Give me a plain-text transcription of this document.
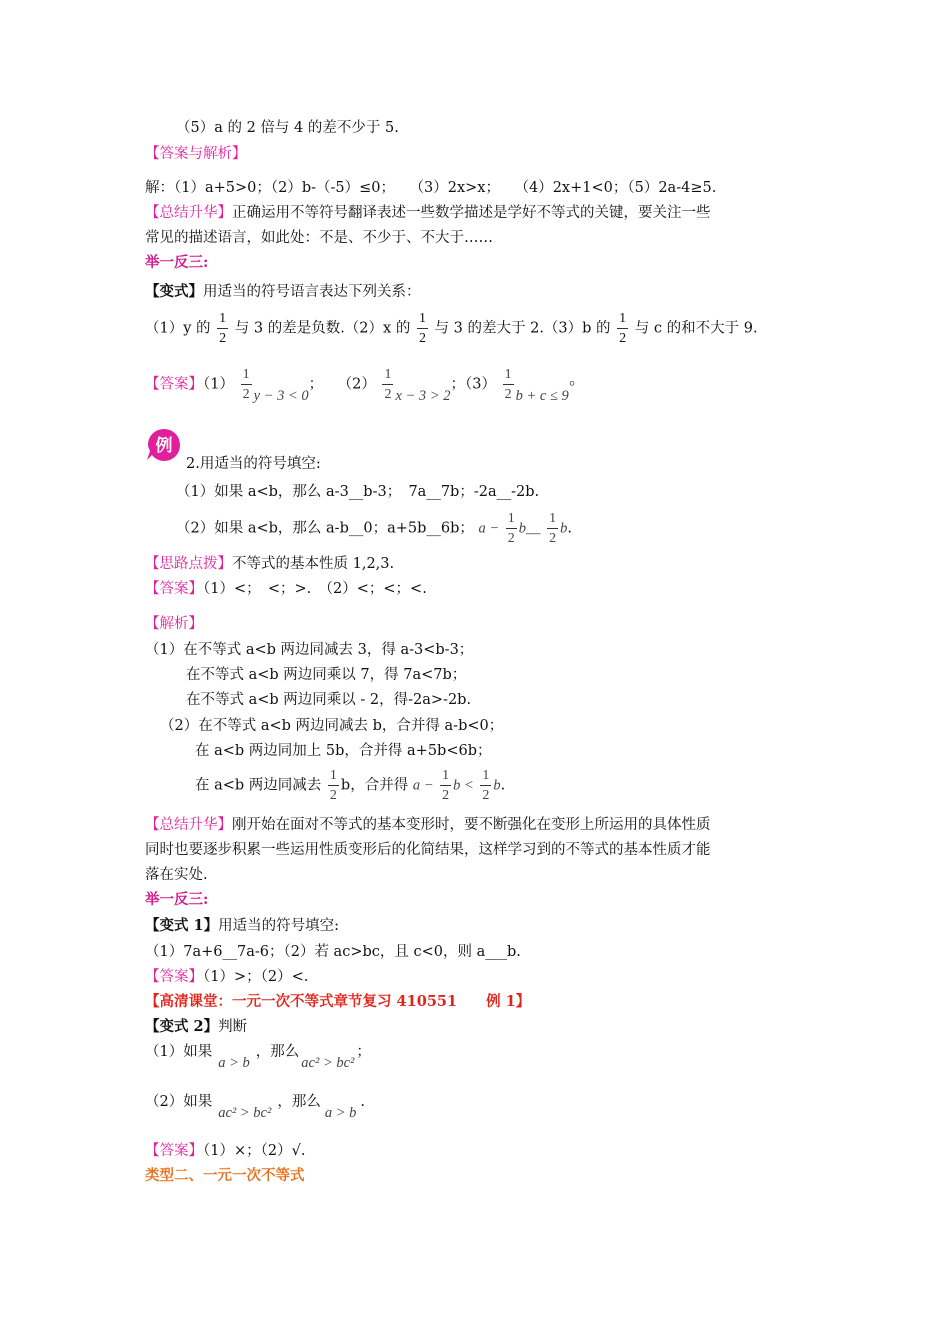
（5）a 的 2 倍与 4 的差不少于 5.
【答案与解析】
解：（1）a+5>0；（2）b-（-5）≤0；　　（3）2x>x；　　（4）2x+1<0；（5）2a-4≥5.
【总结升华】正确运用不等符号翻译表述一些数学描述是学好不等式的关键，要关注一些
常见的描述语言，如此处：不是、不少于、不大于……
举一反三:
【变式】用适当的符号语言表达下列关系：
（1）y 的 $\frac{1}{2}$ 与 3 的差是负数.（2）x 的 $\frac{1}{2}$ 与 3 的差大于 2.（3）b 的 $\frac{1}{2}$ 与 c 的和不大于 9.
【答案】$(1) \frac{1}{2}$ y − 3 < 0；　　$(2) \frac{1}{2}$ x − 3 > 2；$(3) \frac{1}{2}$ b + c ≤ 9°
例
2.用适当的符号填空:
（1）如果 a<b，那么 a-3__b-3；　7a__7b；-2a__-2b.
（2）如果 a<b，那么 a-b__0；a+5b__6b； $a - \frac{1}{2}$ b__ $\frac{1}{2} b$.
【思路点拨】不等式的基本性质 1,2,3.
【答案】（1）<；　<；>.　（2）<；<；<.
【解析】
（1）在不等式 a<b 两边同减去 3，得 a-3<b-3；
在不等式 a<b 两边同乘以 7，得 7a<7b；
在不等式 a<b 两边同乘以 - 2，得-2a>-2b.
（2）在不等式 a<b 两边同减去 b，合并得 a-b<0；
在 a<b 两边同加上 5b，合并得 a+5b<6b；
在 a<b 两边同减去 $\frac{1}{2}$ b，合并得 $a - \frac{1}{2}$ $b < \frac{1}{2} b$.
【总结升华】刚开始在面对不等式的基本变形时，要不断强化在变形上所运用的具体性质
同时也要逐步积累一些运用性质变形后的化简结果，这样学习到的不等式的基本性质才能
落在实处.
举一反三:
【变式 1】用适当的符号填空:
（1）7a+6__7a-6；（2）若 ac>bc，且 c<0，则 a___b.
【答案】（1）>；（2）<.
【高清课堂：一元一次不等式章节复习 410551　　例 1】
【变式 2】判断
（1）如果a > b，那么ac² > bc²；
（2）如果ac² > bc²，那么a > b.
【答案】（1）×；（2）√.
类型二、一元一次不等式
